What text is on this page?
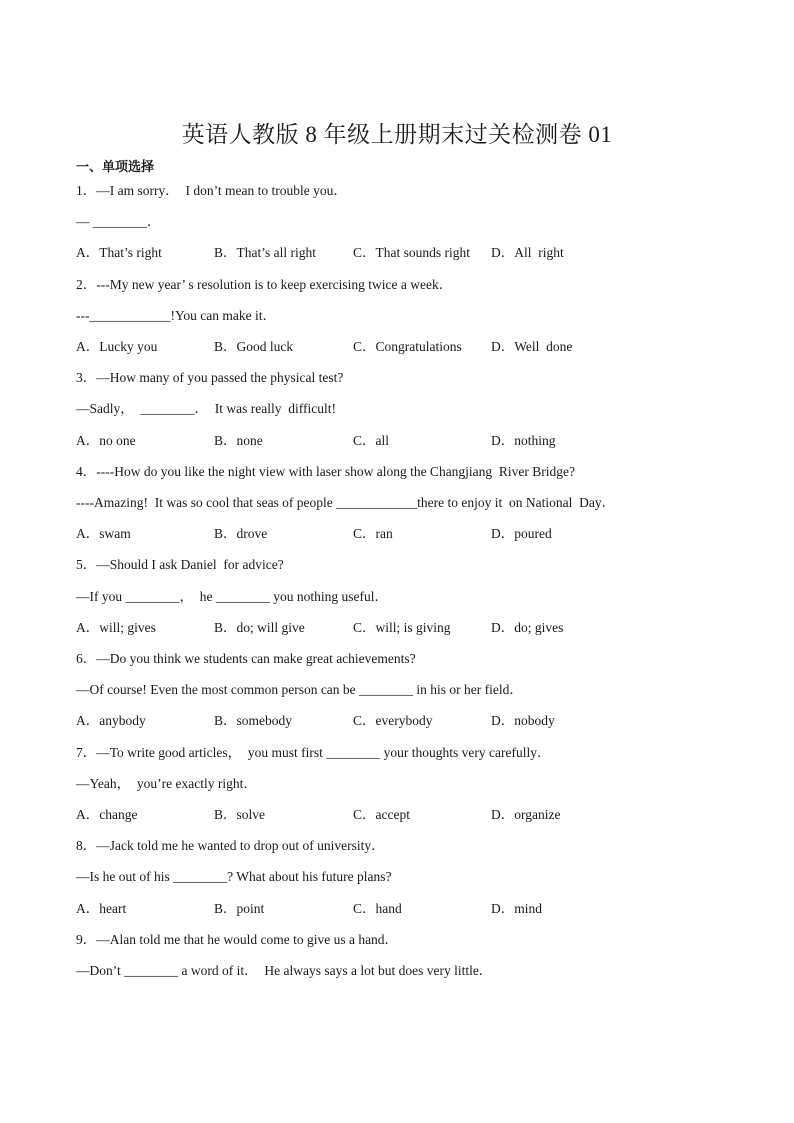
英语人教版 8 年级上册期末过关检测卷 01
一、单项选择
1．—I am sorry．  I don’t mean to trouble you．
— ________．
A．That’s right	B．That’s all right	C．That sounds right D．All  right
2．---My new year’ s resolution is to keep exercising twice a week．
---____________!You can make it．
A．Lucky you	B．Good luck	C．Congratulations D．Well  done
3．—How many of you passed the physical test?
—Sadly，  ________．  It was really  difficult!
A．no one	B．none	C．all	D．nothing
4．----How do you like the night view with laser show along the Changjiang  River Bridge?
----Amazing!  It was so cool that seas of people ____________there to enjoy it  on National  Day．
A．swam	B．drove	C．ran	D．poured
5．—Should I ask Daniel  for advice?
—If you ________，  he ________ you nothing useful．
A．will; gives	B．do; will give	C．will; is giving	D．do; gives
6．—Do you think we students can make great achievements?
—Of course! Even the most common person can be ________ in his or her field．
A．anybody	B．somebody	C．everybody	D．nobody
7．—To write good articles，  you must first ________ your thoughts very carefully．
—Yeah，  you’re exactly right．
A．change	B．solve	C．accept	D．organize
8．—Jack told me he wanted to drop out of university．
—Is he out of his ________? What about his future plans?
A．heart	B．point	C．hand	D．mind
9．—Alan told me that he would come to give us a hand．
—Don’t ________ a word of it．  He always says a lot but does very little．
